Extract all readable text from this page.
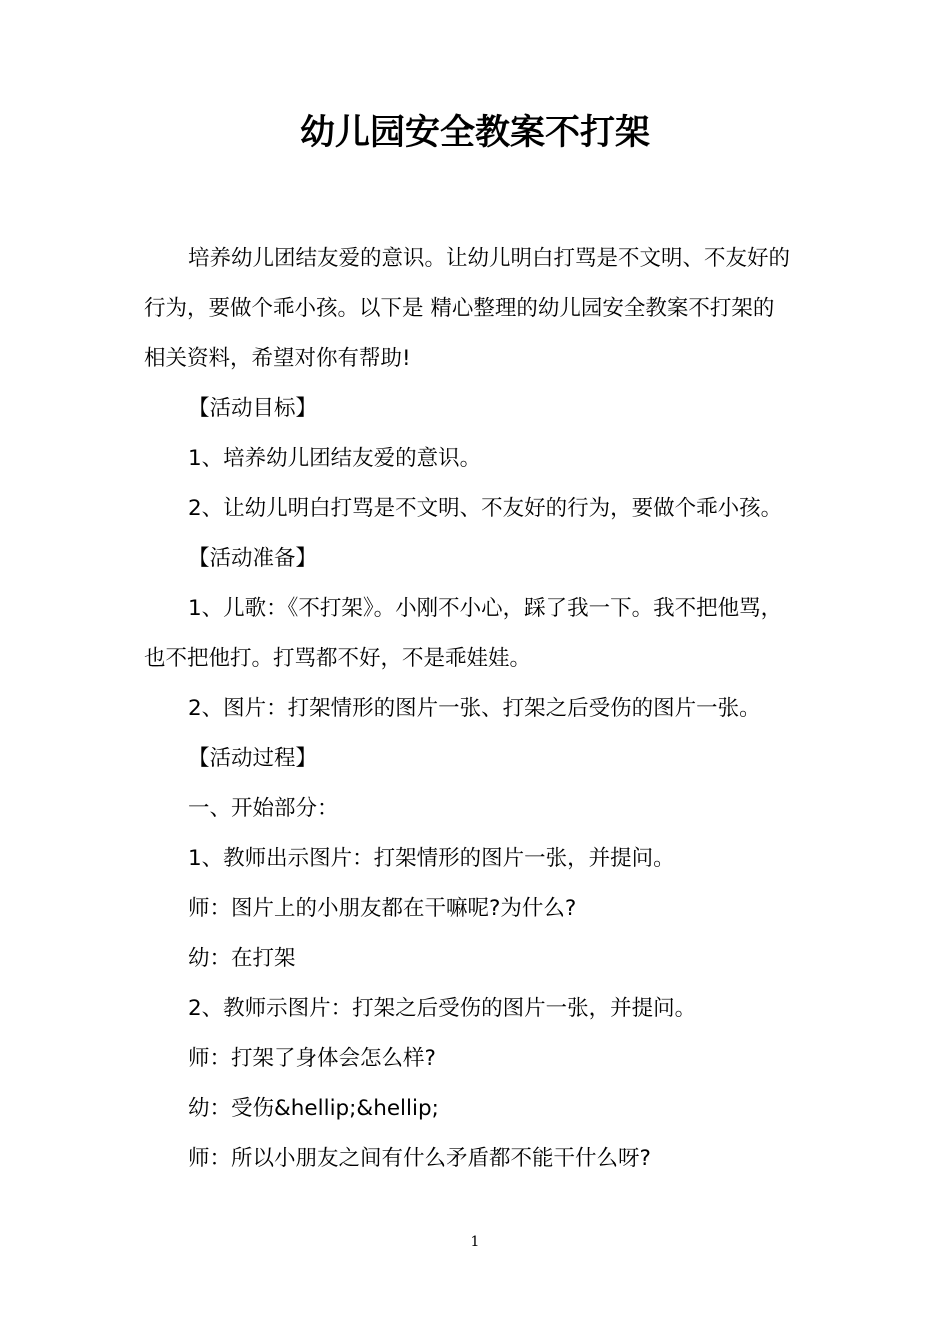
幼儿园安全教案不打架
培养幼儿团结友爱的意识。让幼儿明白打骂是不文明、不友好的
行为，要做个乖小孩。以下是 精心整理的幼儿园安全教案不打架的
相关资料，希望对你有帮助!
【活动目标】
1、培养幼儿团结友爱的意识。
2、让幼儿明白打骂是不文明、不友好的行为，要做个乖小孩。
【活动准备】
1、儿歌：《不打架》。小刚不小心，踩了我一下。我不把他骂，
也不把他打。打骂都不好，不是乖娃娃。
2、图片：打架情形的图片一张、打架之后受伤的图片一张。
【活动过程】
一、开始部分：
1、教师出示图片：打架情形的图片一张，并提问。
师：图片上的小朋友都在干嘛呢?为什么?
幼：在打架
2、教师示图片：打架之后受伤的图片一张，并提问。
师：打架了身体会怎么样?
幼：受伤&hellip;&hellip;
师：所以小朋友之间有什么矛盾都不能干什么呀?
1
